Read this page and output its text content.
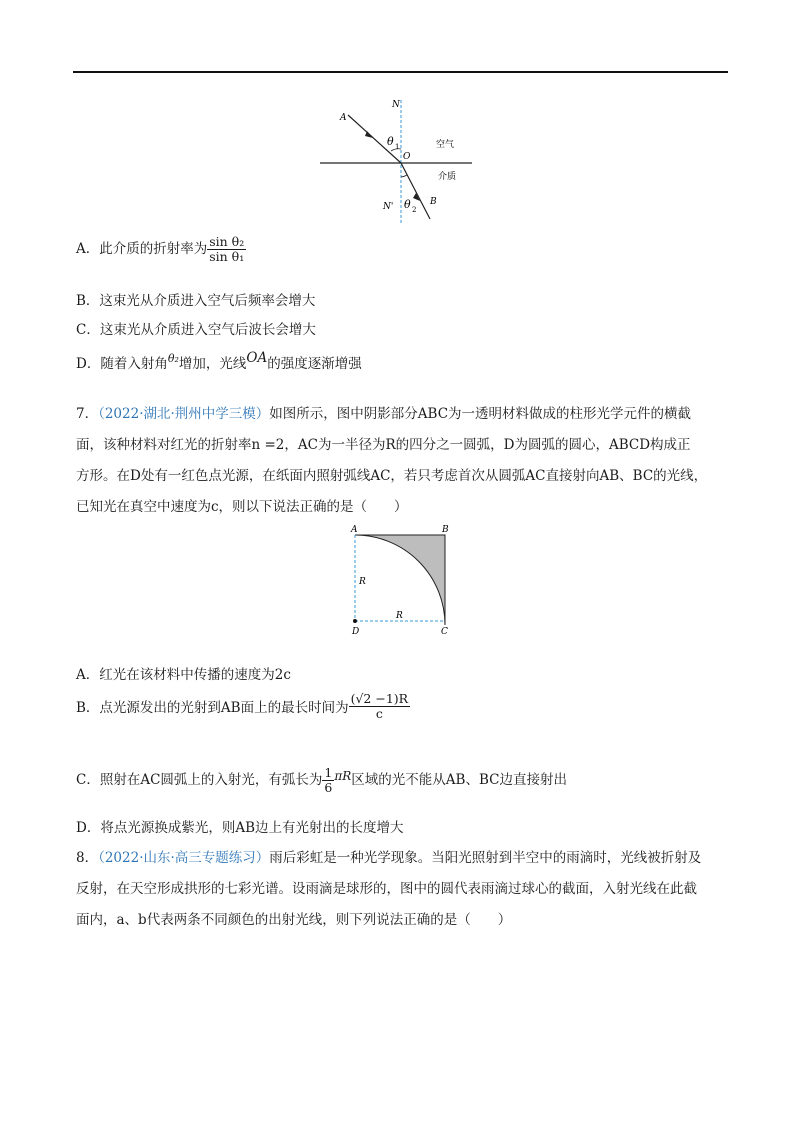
N
A
θ 1
O
空气
介质
N' θ 2
B
A．此介质的折射率为 $\frac{\text{sin θ₂}}{\text{sin θ₁}}$
B．这束光从介质进入空气后频率会增大
C．这束光从介质进入空气后波长会增大
D．随着入射角$^{\theta_2}$增加，光线OA的强度逐渐增强
7．（2022·湖北·荆州中学三模）如图所示，图中阴影部分ABC为一透明材料做成的柱形光学元件的横截
面，该种材料对红光的折射率n =2，AC为一半径为R的四分之一圆弧，D为圆弧的圆心，ABCD构成正
方形。在D处有一红色点光源，在纸面内照射弧线AC，若只考虑首次从圆弧AC直接射向AB、BC的光线，
已知光在真空中速度为c，则以下说法正确的是（　　）
A	B
C
D
R
R
A．红光在该材料中传播的速度为2c
B．点光源发出的光射到AB面上的最长时间为 $\frac{(√2 -1)R}{c}$
C．照射在AC圆弧上的入射光，有弧长为 $\frac{1}{6}$ πR区域的光不能从AB、BC边直接射出
D．将点光源换成紫光，则AB边上有光射出的长度增大
8．（2022·山东·高三专题练习）雨后彩虹是一种光学现象。当阳光照射到半空中的雨滴时，光线被折射及
反射，在天空形成拱形的七彩光谱。设雨滴是球形的，图中的圆代表雨滴过球心的截面，入射光线在此截
面内，a、b代表两条不同颜色的出射光线，则下列说法正确的是（　　）
